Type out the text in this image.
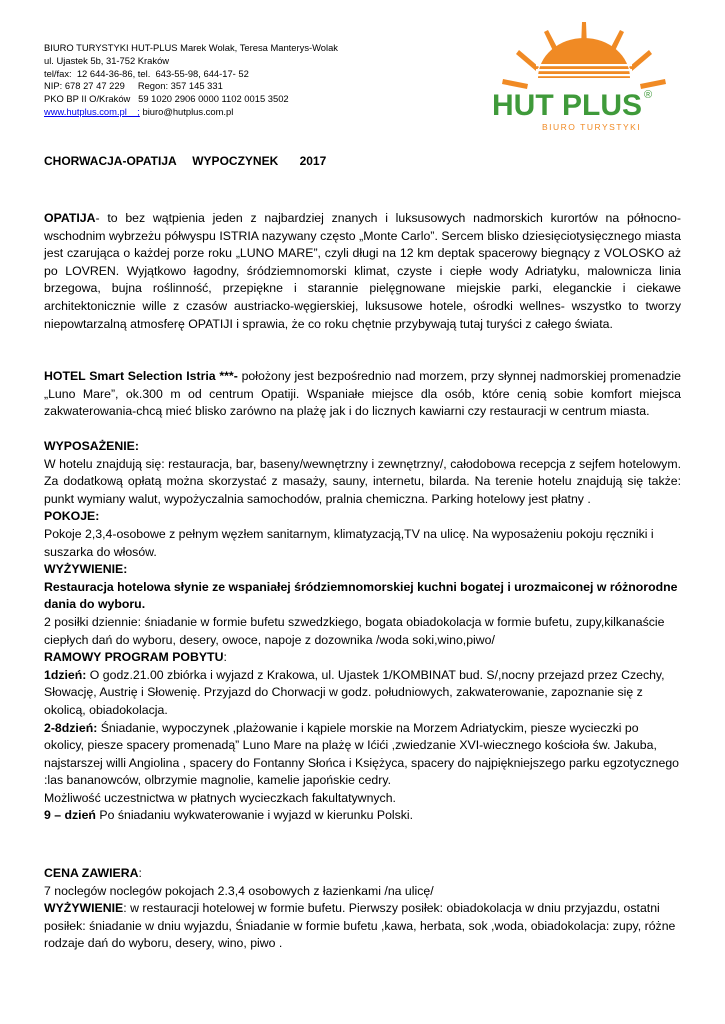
BIURO TURYSTYKI HUT-PLUS Marek Wolak, Teresa Manterys-Wolak
ul. Ujastek 5b, 31-752 Kraków
tel/fax:  12 644-36-86, tel.  643-55-98, 644-17- 52
NIP: 678 27 47 229     Regon: 357 145 331
PKO BP II O/Kraków   59 1020 2906 0000 1102 0015 3502
www.hutplus.com.pl    ; biuro@hutplus.com.pl	HUT PLUS ®
BIURO TURYSTYKI
CHORWACJA-OPATIJA   WYPOCZYNEK    2017

OPATIJA- to bez wątpienia jeden z najbardziej znanych i luksusowych nadmorskich kurortów na północno-wschodnim wybrzeżu półwyspu ISTRIA nazywany często „Monte Carlo”. Sercem blisko dziesięciotysięcznego miasta jest czarująca o każdej porze roku „LUNO MARE”, czyli długi na 12 km deptak spacerowy biegnący z VOLOSKO aż po LOVREN. Wyjątkowo łagodny, śródziemnomorski klimat, czyste i ciepłe wody Adriatyku, malownicza linia brzegowa, bujna roślinność, przepiękne i starannie pielęgnowane miejskie parki, eleganckie i ciekawe architektonicznie wille z czasów austriacko-węgierskiej, luksusowe hotele, ośrodki wellnes- wszystko to tworzy niepowtarzalną atmosferę OPATIJI i sprawia, że co roku chętnie przybywają tutaj turyści z całego świata.

HOTEL Smart Selection Istria ***- położony jest bezpośrednio nad morzem, przy słynnej nadmorskiej promenadzie „Luno Mare”, ok.300 m od centrum Opatiji. Wspaniałe miejsce dla osób, które cenią sobie komfort miejsca zakwaterowania-chcą mieć blisko zarówno na plażę jak i do licznych kawiarni czy restauracji w centrum miasta.

WYPOSAŻENIE:

W hotelu znajdują się: restauracja, bar, baseny/wewnętrzny i zewnętrzny/, całodobowa recepcja z sejfem hotelowym. Za dodatkową opłatą można skorzystać z masaży, sauny, internetu, bilarda. Na terenie hotelu znajdują się także: punkt wymiany walut, wypożyczalnia samochodów, pralnia chemiczna. Parking hotelowy jest płatny .

POKOJE:

Pokoje 2,3,4-osobowe z pełnym węzłem sanitarnym, klimatyzacją,TV na ulicę. Na wyposażeniu pokoju ręczniki i suszarka do włosów.

WYŻYWIENIE:

Restauracja hotelowa słynie ze wspaniałej śródziemnomorskiej kuchni bogatej i urozmaiconej w różnorodne dania do wyboru.

2 posiłki dziennie: śniadanie w formie bufetu szwedzkiego, bogata obiadokolacja w formie bufetu, zupy,kilkanaście ciepłych dań do wyboru, desery, owoce, napoje z dozownika /woda soki,wino,piwo/

RAMOWY PROGRAM POBYTU:

1dzień: O godz.21.00 zbiórka i wyjazd z Krakowa, ul. Ujastek 1/KOMBINAT bud. S/,nocny przejazd przez Czechy, Słowację, Austrię i Słowenię. Przyjazd do Chorwacji w godz. południowych, zakwaterowanie, zapoznanie się z okolicą, obiadokolacja.

2-8dzień: Śniadanie, wypoczynek ,plażowanie i kąpiele morskie na Morzem Adriatyckim, piesze wycieczki po okolicy, piesze spacery promenadą” Luno Mare na plażę w Ićići ,zwiedzanie XVI-wiecznego kościoła św. Jakuba, najstarszej willi Angiolina , spacery do Fontanny Słońca i Księżyca, spacery do najpiękniejszego parku egzotycznego :las bananowców, olbrzymie magnolie, kamelie japońskie cedry.

Możliwość uczestnictwa w płatnych wycieczkach fakultatywnych.

9 – dzień Po śniadaniu wykwaterowanie i wyjazd w kierunku Polski.

CENA ZAWIERA:

7 noclegów noclegów pokojach 2.3,4 osobowych z łazienkami /na ulicę/

WYŻYWIENIE: w restauracji hotelowej w formie bufetu. Pierwszy posiłek: obiadokolacja w dniu przyjazdu, ostatni posiłek: śniadanie w dniu wyjazdu, Śniadanie w formie bufetu ,kawa, herbata, sok ,woda, obiadokolacja: zupy, różne rodzaje dań do wyboru, desery, wino, piwo .
